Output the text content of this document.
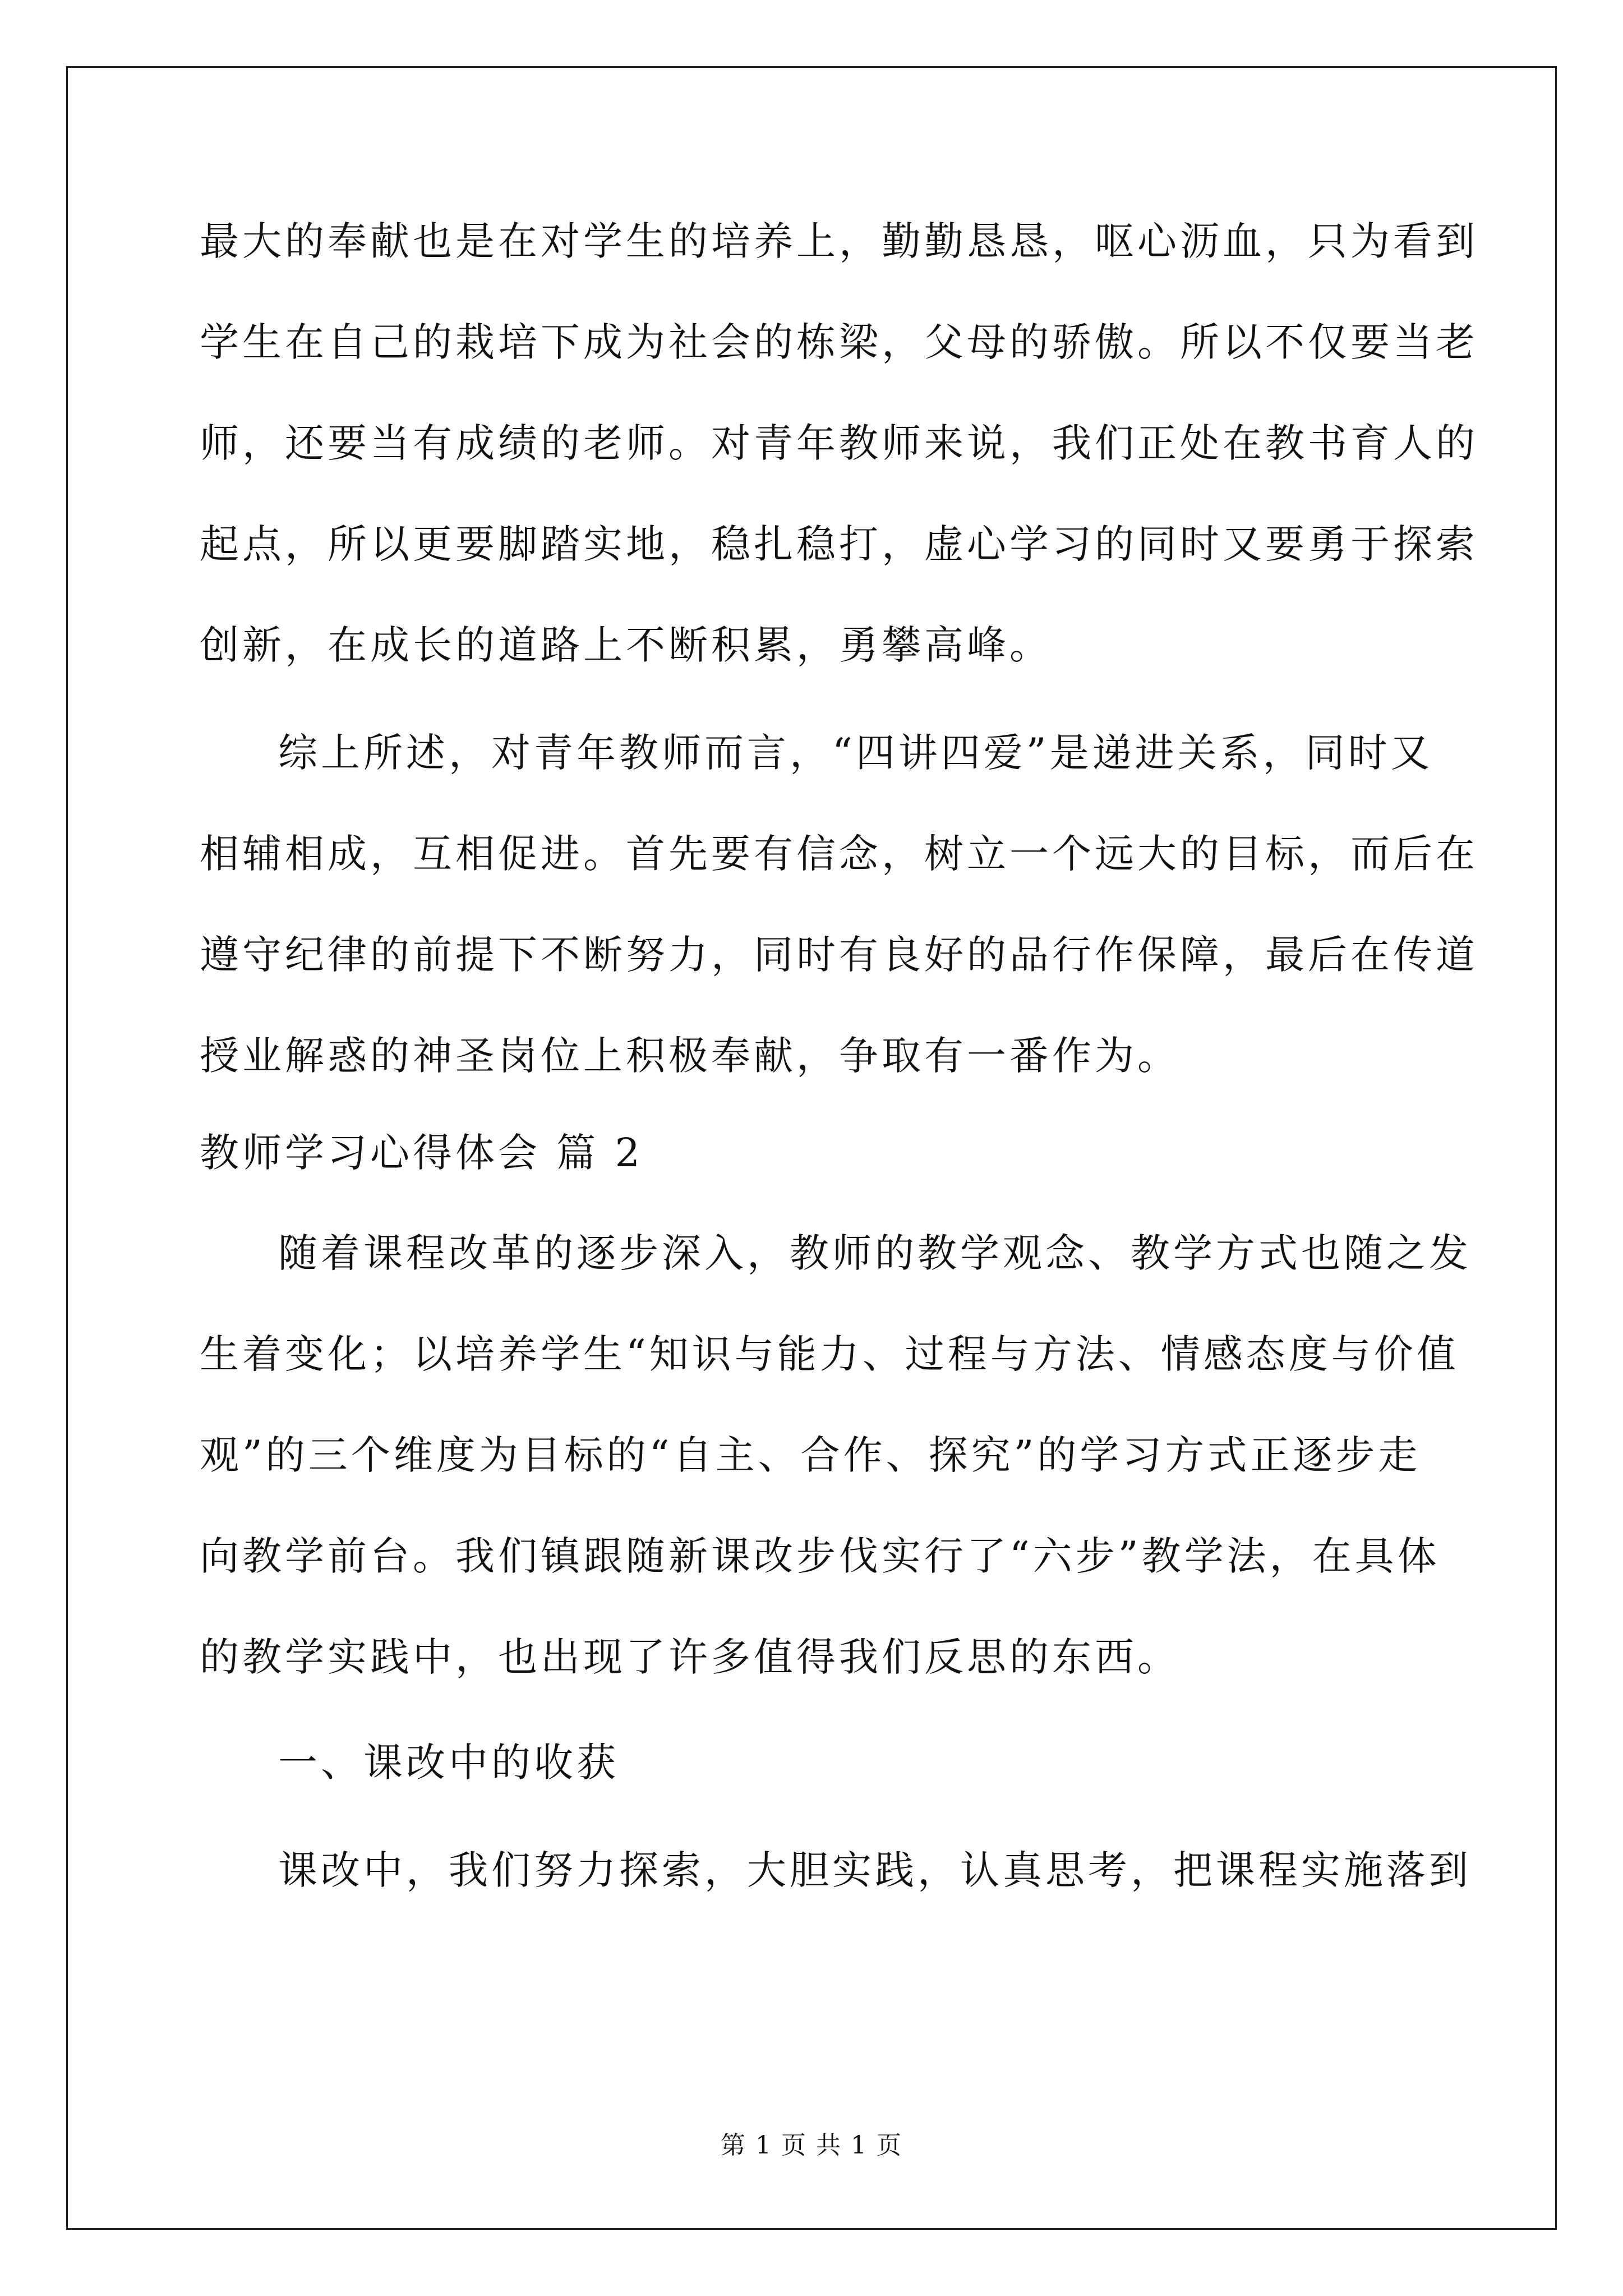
最大的奉献也是在对学生的培养上，勤勤恳恳，呕心沥血，只为看到
学生在自己的栽培下成为社会的栋梁，父母的骄傲。所以不仅要当老
师，还要当有成绩的老师。对青年教师来说，我们正处在教书育人的
起点，所以更要脚踏实地，稳扎稳打，虚心学习的同时又要勇于探索
创新，在成长的道路上不断积累，勇攀高峰。
综上所述，对青年教师而言，“四讲四爱”是递进关系，同时又
相辅相成，互相促进。首先要有信念，树立一个远大的目标，而后在
遵守纪律的前提下不断努力，同时有良好的品行作保障，最后在传道
授业解惑的神圣岗位上积极奉献，争取有一番作为。
教师学习心得体会 篇 2
随着课程改革的逐步深入，教师的教学观念、教学方式也随之发
生着变化；以培养学生“知识与能力、过程与方法、情感态度与价值
观”的三个维度为目标的“自主、合作、探究”的学习方式正逐步走
向教学前台。我们镇跟随新课改步伐实行了“六步”教学法，在具体
的教学实践中，也出现了许多值得我们反思的东西。
一、课改中的收获
课改中，我们努力探索，大胆实践，认真思考，把课程实施落到
第 1 页 共 1 页
